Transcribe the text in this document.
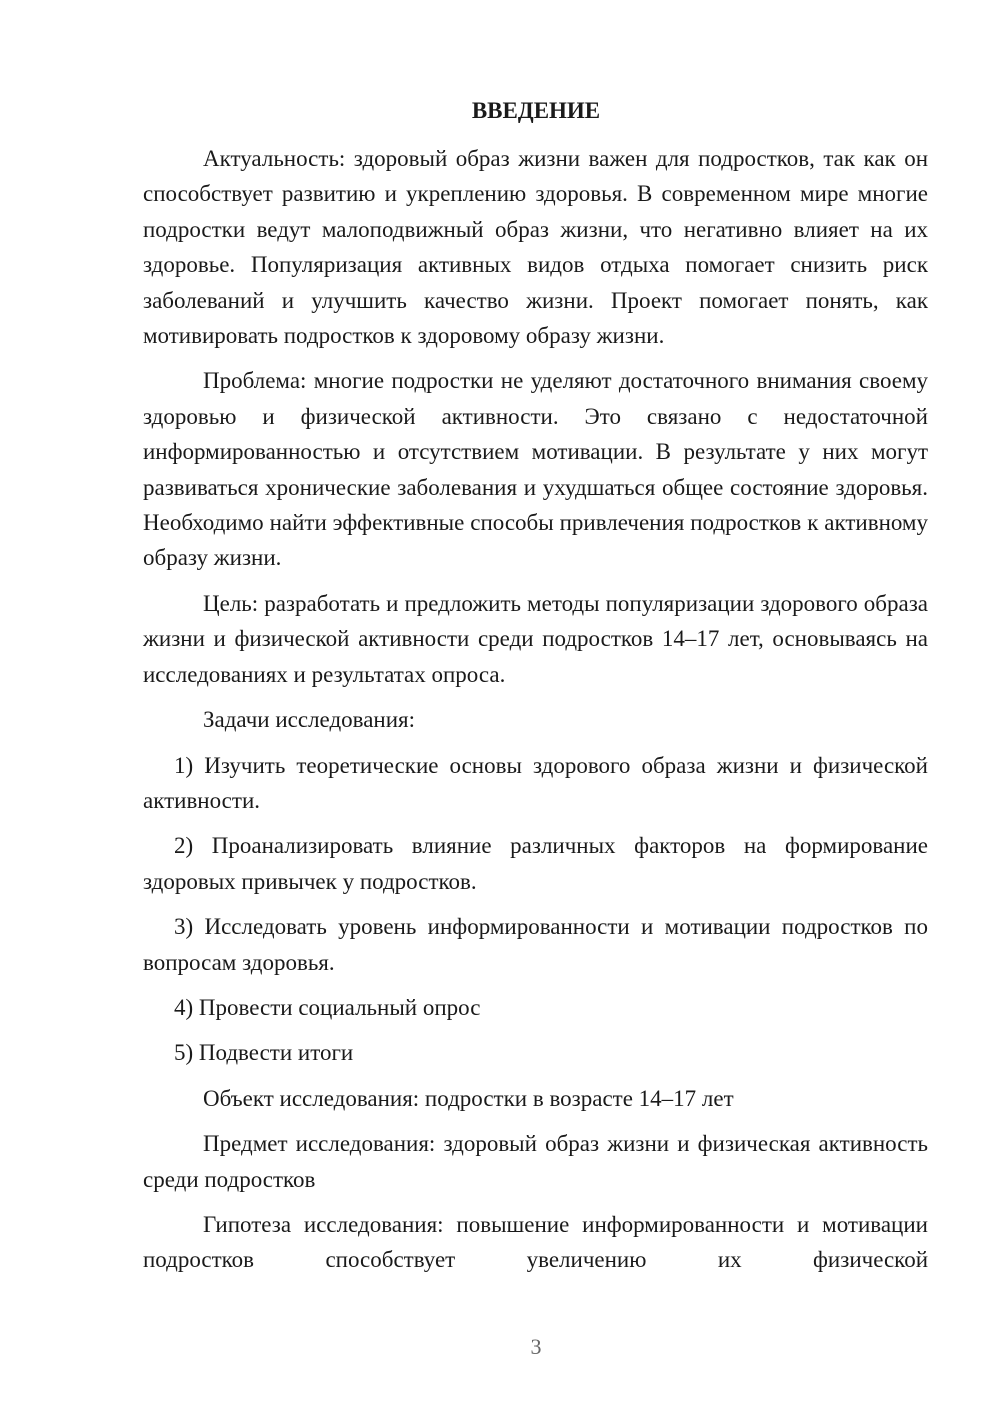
ВВЕДЕНИЕ

Актуальность: здоровый образ жизни важен для подростков, так как он способствует развитию и укреплению здоровья. В современном мире многие подростки ведут малоподвижный образ жизни, что негативно влияет на их здоровье. Популяризация активных видов отдыха помогает снизить риск заболеваний и улучшить качество жизни. Проект помогает понять, как мотивировать подростков к здоровому образу жизни.

Проблема: многие подростки не уделяют достаточного внимания своему здоровью и физической активности. Это связано с недостаточной информированностью и отсутствием мотивации. В результате у них могут развиваться хронические заболевания и ухудшаться общее состояние здоровья. Необходимо найти эффективные способы привлечения подростков к активному образу жизни.

Цель: разработать и предложить методы популяризации здорового образа жизни и физической активности среди подростков 14–17 лет, основываясь на исследованиях и результатах опроса.

Задачи исследования:

1) Изучить теоретические основы здорового образа жизни и физической активности.

2) Проанализировать влияние различных факторов на формирование здоровых привычек у подростков.

3) Исследовать уровень информированности и мотивации подростков по вопросам здоровья.

4) Провести социальный опрос

5) Подвести итоги

Объект исследования: подростки в возрасте 14–17 лет

Предмет исследования: здоровый образ жизни и физическая активность среди подростков

Гипотеза исследования: повышение информированности и мотивации подростков способствует увеличению их физической

3
